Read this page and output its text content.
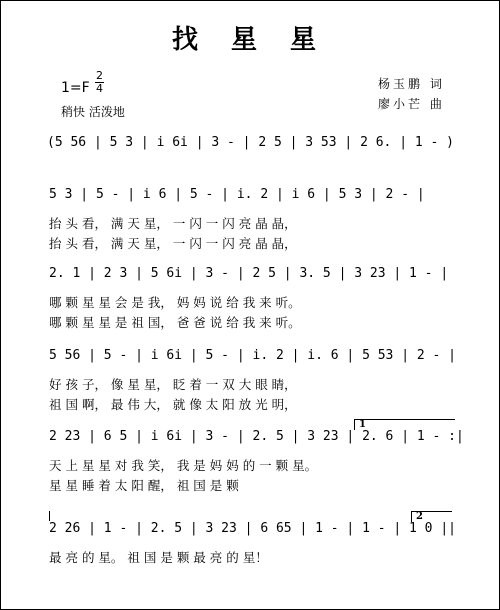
找 星 星
1=F
2
4
稍快 活泼地
杨玉鹏 词
廖小芒 曲
(5 56 | 5 3 | i 6i | 3 - | 2 5 | 3 53 | 2 6. | 1 - )
5 3 | 5 - | i 6 | 5 - | i. 2 | i 6 | 5 3 | 2 - |
抬 头 看， 满 天 星， 一 闪 一 闪 亮 晶 晶，
抬 头 看， 满 天 星， 一 闪 一 闪 亮 晶 晶，
2. 1 | 2 3 | 5 6i | 3 - | 2 5 | 3. 5 | 3 23 | 1 - |
哪 颗 星 星 会 是 我， 妈 妈 说 给 我 来 听。
哪 颗 星 星 是 祖 国， 爸 爸 说 给 我 来 听。
5 56 | 5 - | i 6i | 5 - | i. 2 | i. 6 | 5 53 | 2 - |
好 孩 子， 像 星 星， 眨 着 一 双 大 眼 睛，
祖 国 啊， 最 伟 大， 就 像 太 阳 放 光 明，
1
2 23 | 6 5 | i 6i | 3 - | 2. 5 | 3 23 | 2. 6 | 1 - :|
天 上 星 星 对 我 笑， 我 是 妈 妈 的 一 颗 星。
星 星 睡 着 太 阳 醒， 祖 国 是 颗
2
2 26 | 1 - | 2. 5 | 3 23 | 6 65 | 1 - | 1 - | 1 0 ||
最 亮 的 星。 祖 国 是 颗 最 亮 的 星！
